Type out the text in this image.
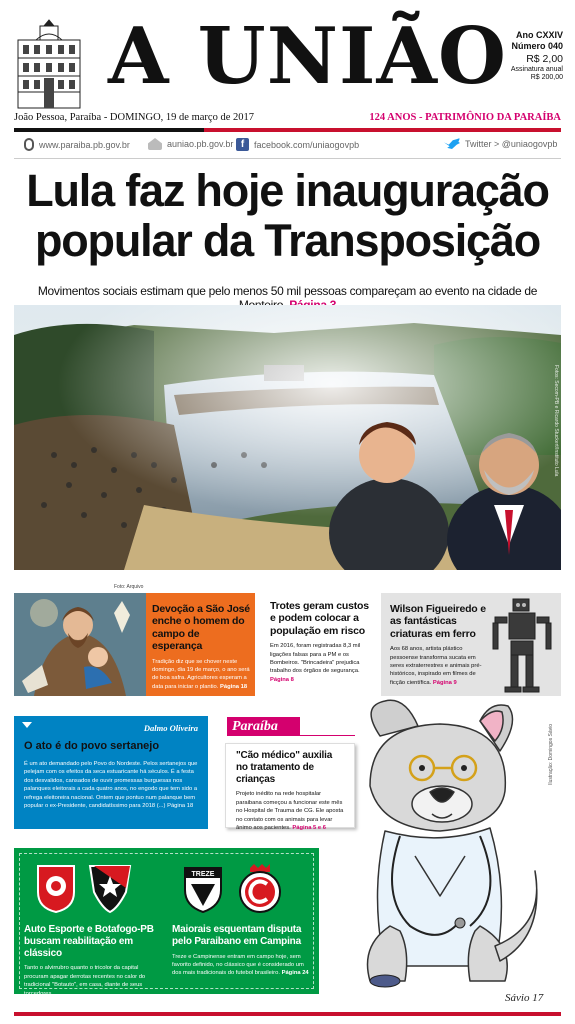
A UNIÃO	Ano CXXIV
Número 040
R$ 2,00
Assinatura anual
R$ 200,00
João Pessoa, Paraíba - DOMINGO, 19 de março de 2017	124 ANOS - PATRIMÔNIO DA PARAÍBA
www.paraiba.pb.gov.br	auniao.pb.gov.br f	facebook.com/uniaogovpb	Twitter > @uniaogovpb
Lula faz hoje inauguração
popular da Transposição
Movimentos sociais estimam que pelo menos 50 mil pessoas compareçam ao evento na cidade de
Fotos: Secom-PB e Ricardo Stuckert/Instituto Lula
Foto: Arquivo
Devoção a São José enche o homem do campo de esperança
Tradição diz que se chover neste domingo, dia 19 de março, o ano será de boa safra. Agricultores esperam a data para iniciar o plantio. Página 18
Trotes geram custos e podem colocar a população em risco
Em 2016, foram registradas 8,3 mil ligações falsas para a PM e os Bombeiros. "Brincadeira" prejudica trabalho dos órgãos de segurança. Página 8
Wilson Figueiredo e as fantásticas criaturas em ferro
Aos 68 anos, artista plástico pessoense transforma sucata em seres extraterrestres e animais pré-históricos, inspirado em filmes de ficção científica. Página 9
Dalmo Oliveira
O ato é do povo sertanejo
É um ato demandado pelo Povo do Nordeste. Pelos sertanejos que pelejam com os efeitos da seca estuaricante há séculos. É a festa dos desvalidos, cansados de ouvir promessas burguesas nos palanques eleitorais a cada quatro anos, no engodo que tem sido a refrega eleitoreira nacional. Ontem que pontuo num palanque bem popular o ex-Presidente, candidatíssimo para 2018 (...) Página 18
Paraíba
"Cão médico" auxilia no tratamento de crianças
Projeto inédito na rede hospitalar paraibana começou a funcionar este mês no Hospital de Trauma de CG. Ele aposta no contato com os animais para levar ânimo aos pacientes. Página 5 e 6
Sávio 17
Ilustração: Domingos Sávio
TREZE
Auto Esporte e Botafogo-PB buscam reabilitação em clássico
Tanto o alvirrubro quanto o tricolor da capital procuram apagar derrotas recentes no calor do tradicional "Botauto", em casa, diante de seus torcedores.
Maiorais esquentam disputa pelo Paraibano em Campina
Treze e Campinense entram em campo hoje, sem favorito definido, no clássico que é considerado um dos mais tradicionais do futebol brasileiro. Página 24
